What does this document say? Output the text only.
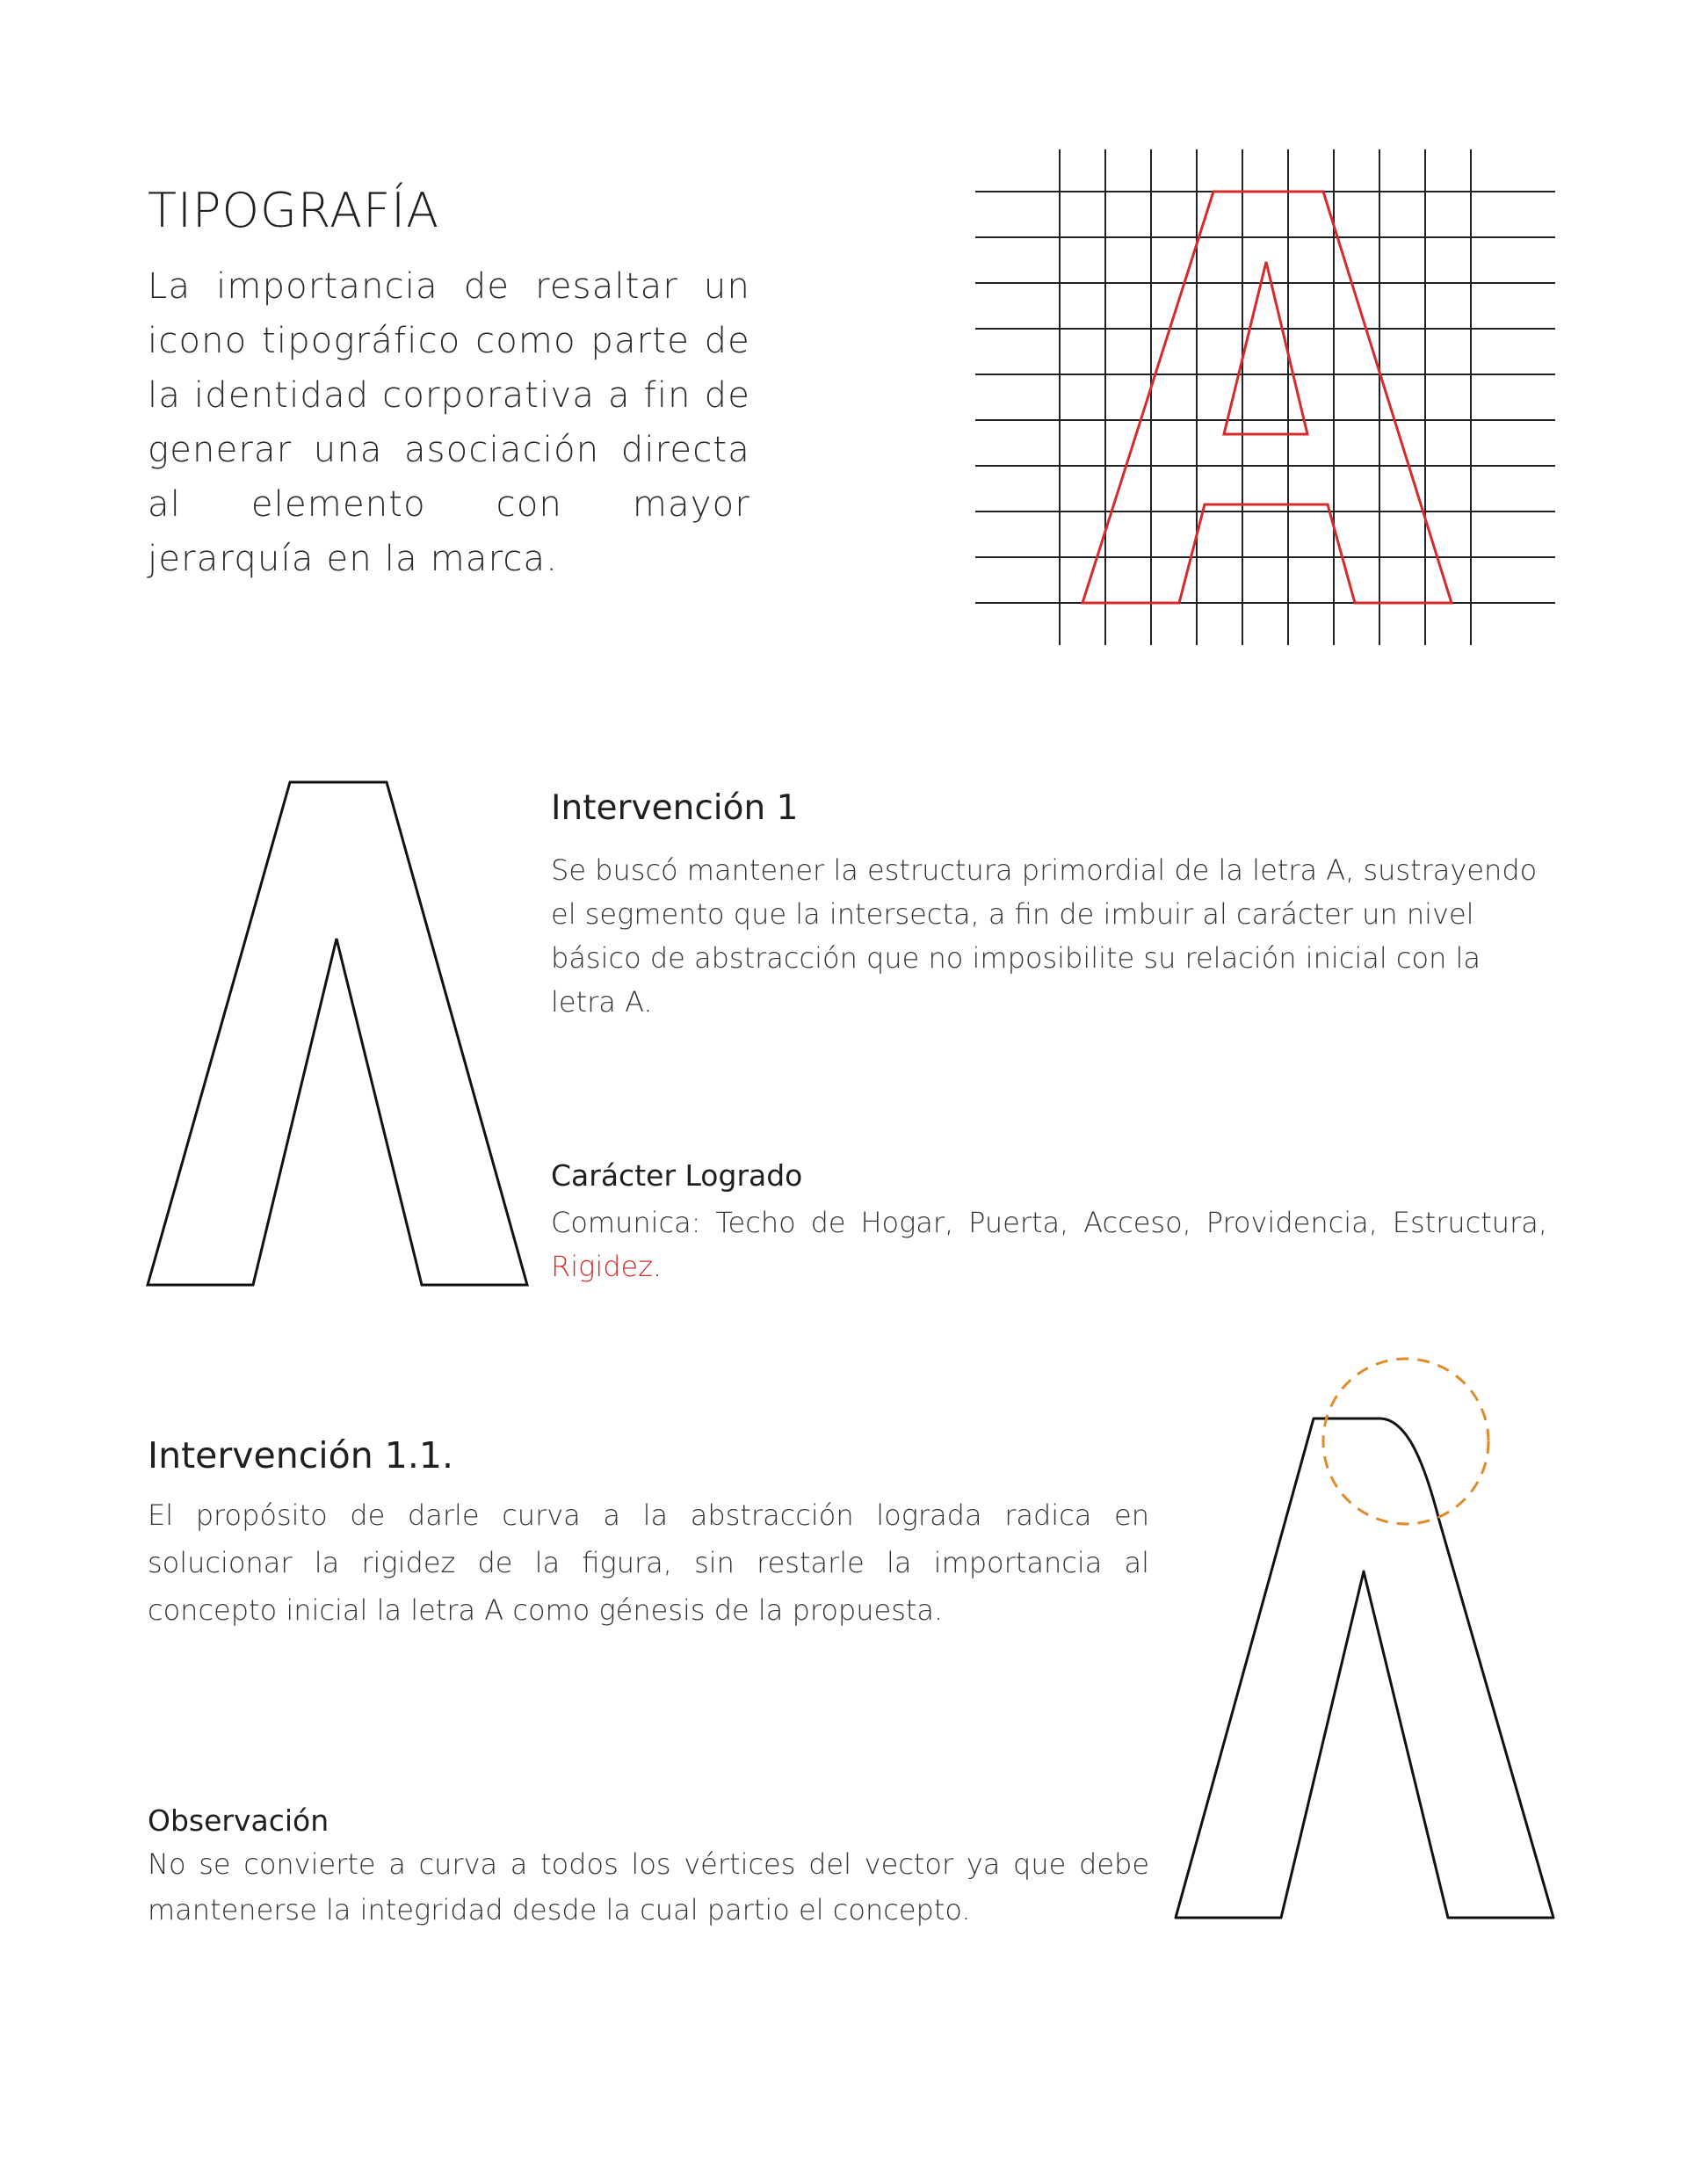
TIPOGRAFÍA
La importancia de resaltar un icono tipográfico como parte de la identidad corporativa a fin de generar una asociación directa al elemento con mayor jerarquía en la marca.
Intervención 1
Se buscó mantener la estructura primordial de la letra A, sustrayendo el segmento que la intersecta, a fin de imbuir al carácter un nivel básico de abstracción que no imposibilite su relación inicial con la letra A.
Carácter Logrado
Comunica: Techo de Hogar, Puerta, Acceso, Providencia, Estructura, Rigidez.
Intervención 1.1.
El propósito de darle curva a la abstracción lograda radica en solucionar la rigidez de la figura, sin restarle la importancia al concepto inicial la letra A como génesis de la propuesta.
Observación
No se convierte a curva a todos los vértices del vector ya que debe mantenerse la integridad desde la cual partio el concepto.
